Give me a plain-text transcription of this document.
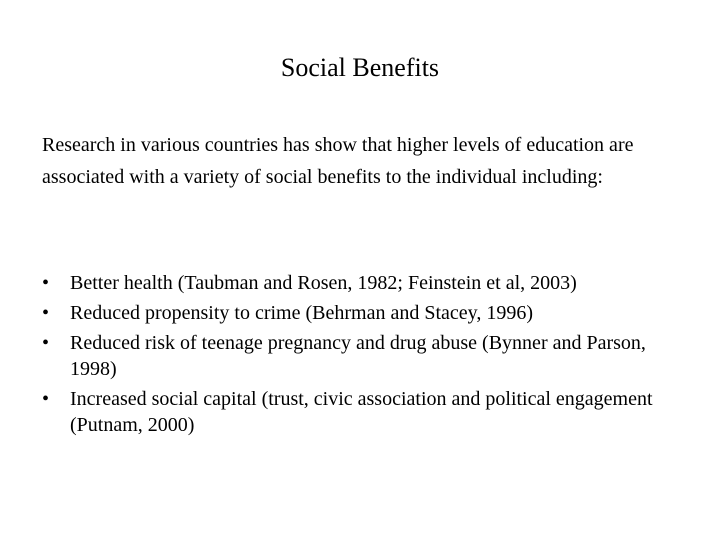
Social Benefits
Research in various countries has show that higher levels of education are associated with a variety of social benefits to the individual including:
•	Better health (Taubman and Rosen, 1982; Feinstein et al, 2003)
•	Reduced propensity to crime (Behrman and Stacey, 1996)
•	Reduced risk of teenage pregnancy and drug abuse (Bynner and Parson, 1998)
•	Increased social capital (trust, civic association and political engagement (Putnam, 2000)
